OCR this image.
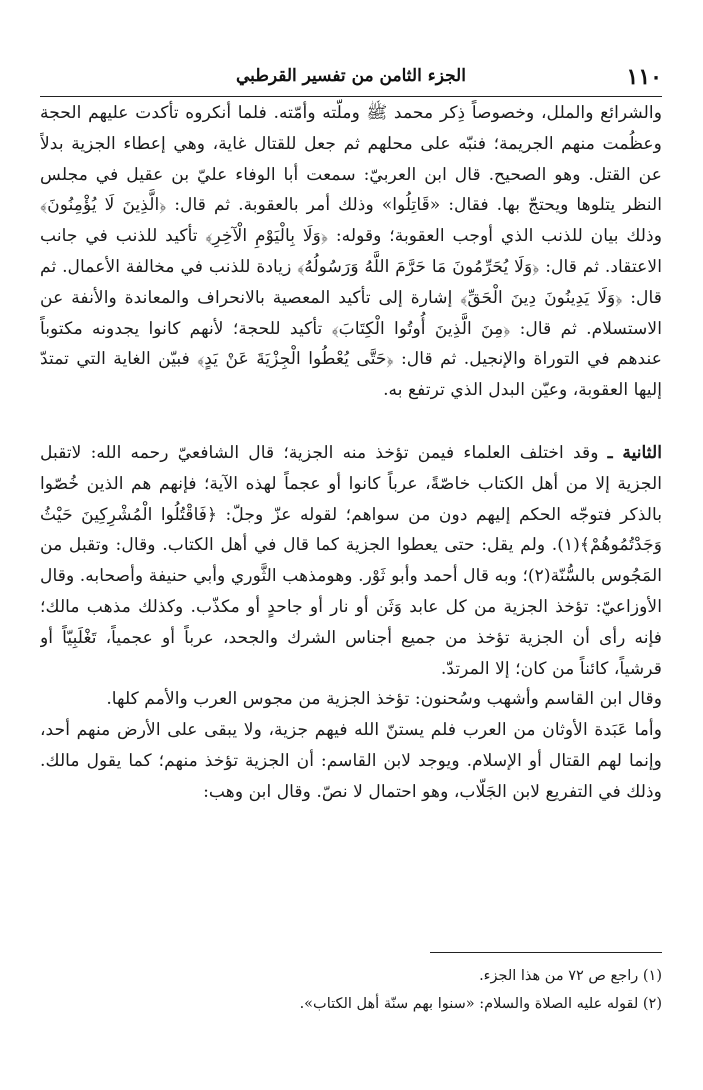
١١٠
الجزء الثامن من تفسير القرطبي

والشرائع والملل، وخصوصاً ذِكر محمد ﷺ وملّته وأمّته. فلما أنكروه تأكدت عليهم الحجة وعظُمت منهم الجريمة؛ فنبّه على محلهم ثم جعل للقتال غاية، وهي إعطاء الجزية بدلاً عن القتل. وهو الصحيح. قال ابن العربيّ: سمعت أبا الوفاء عليّ بن عقيل في مجلس النظر يتلوها ويحتجّ بها. فقال: «قَاتِلُوا» وذلك أمر بالعقوبة. ثم قال: ﴿الَّذِينَ لَا يُؤْمِنُونَ﴾ وذلك بيان للذنب الذي أوجب العقوبة؛ وقوله: ﴿وَلَا بِالْيَوْمِ الْآخِرِ﴾ تأكيد للذنب في جانب الاعتقاد. ثم قال: ﴿وَلَا يُحَرِّمُونَ مَا حَرَّمَ اللَّهُ وَرَسُولُهُ﴾ زيادة للذنب في مخالفة الأعمال. ثم قال: ﴿وَلَا يَدِينُونَ دِينَ الْحَقِّ﴾ إشارة إلى تأكيد المعصية بالانحراف والمعاندة والأنفة عن الاستسلام. ثم قال: ﴿مِنَ الَّذِينَ أُوتُوا الْكِتَابَ﴾ تأكيد للحجة؛ لأنهم كانوا يجدونه مكتوباً عندهم في التوراة والإنجيل. ثم قال: ﴿حَتَّى يُعْطُوا الْجِزْيَةَ عَنْ يَدٍ﴾ فبيّن الغاية التي تمتدّ إليها العقوبة، وعيّن البدل الذي ترتفع به.

الثانية ـ وقد اختلف العلماء فيمن تؤخذ منه الجزية؛ قال الشافعيّ رحمه الله: لاتقبل الجزية إلا من أهل الكتاب خاصّةً، عرباً كانوا أو عجماً لهذه الآية؛ فإنهم هم الذين خُصّوا بالذكر فتوجّه الحكم إليهم دون من سواهم؛ لقوله عزّ وجلّ: ﴿فَاقْتُلُوا الْمُشْرِكِينَ حَيْثُ وَجَدْتُمُوهُمْ﴾(١). ولم يقل: حتى يعطوا الجزية كما قال في أهل الكتاب. وقال: وتقبل من المَجُوس بالسُّنّة(٢)؛ وبه قال أحمد وأبو ثَوْر. وهومذهب الثَّوري وأبي حنيفة وأصحابه. وقال الأوزاعيّ: تؤخذ الجزية من كل عابد وَثَن أو نار أو جاحدٍ أو مكذّب. وكذلك مذهب مالك؛ فإنه رأى أن الجزية تؤخذ من جميع أجناس الشرك والجحد، عرباً أو عجمياً، تَغْلَبِيّاً أو قرشياً، كائناً من كان؛ إلا المرتدّ.

وقال ابن القاسم وأشهب وسُحنون: تؤخذ الجزية من مجوس العرب والأمم كلها.

وأما عَبَدة الأوثان من العرب فلم يستنّ الله فيهم جزية، ولا يبقى على الأرض منهم أحد، وإنما لهم القتال أو الإسلام. ويوجد لابن القاسم: أن الجزية تؤخذ منهم؛ كما يقول مالك. وذلك في التفريع لابن الجَلّاب، وهو احتمال لا نصّ. وقال ابن وهب:

(١) راجع ص ٧٢ من هذا الجزء.

(٢) لقوله عليه الصلاة والسلام: «سنوا بهم سنّة أهل الكتاب».
